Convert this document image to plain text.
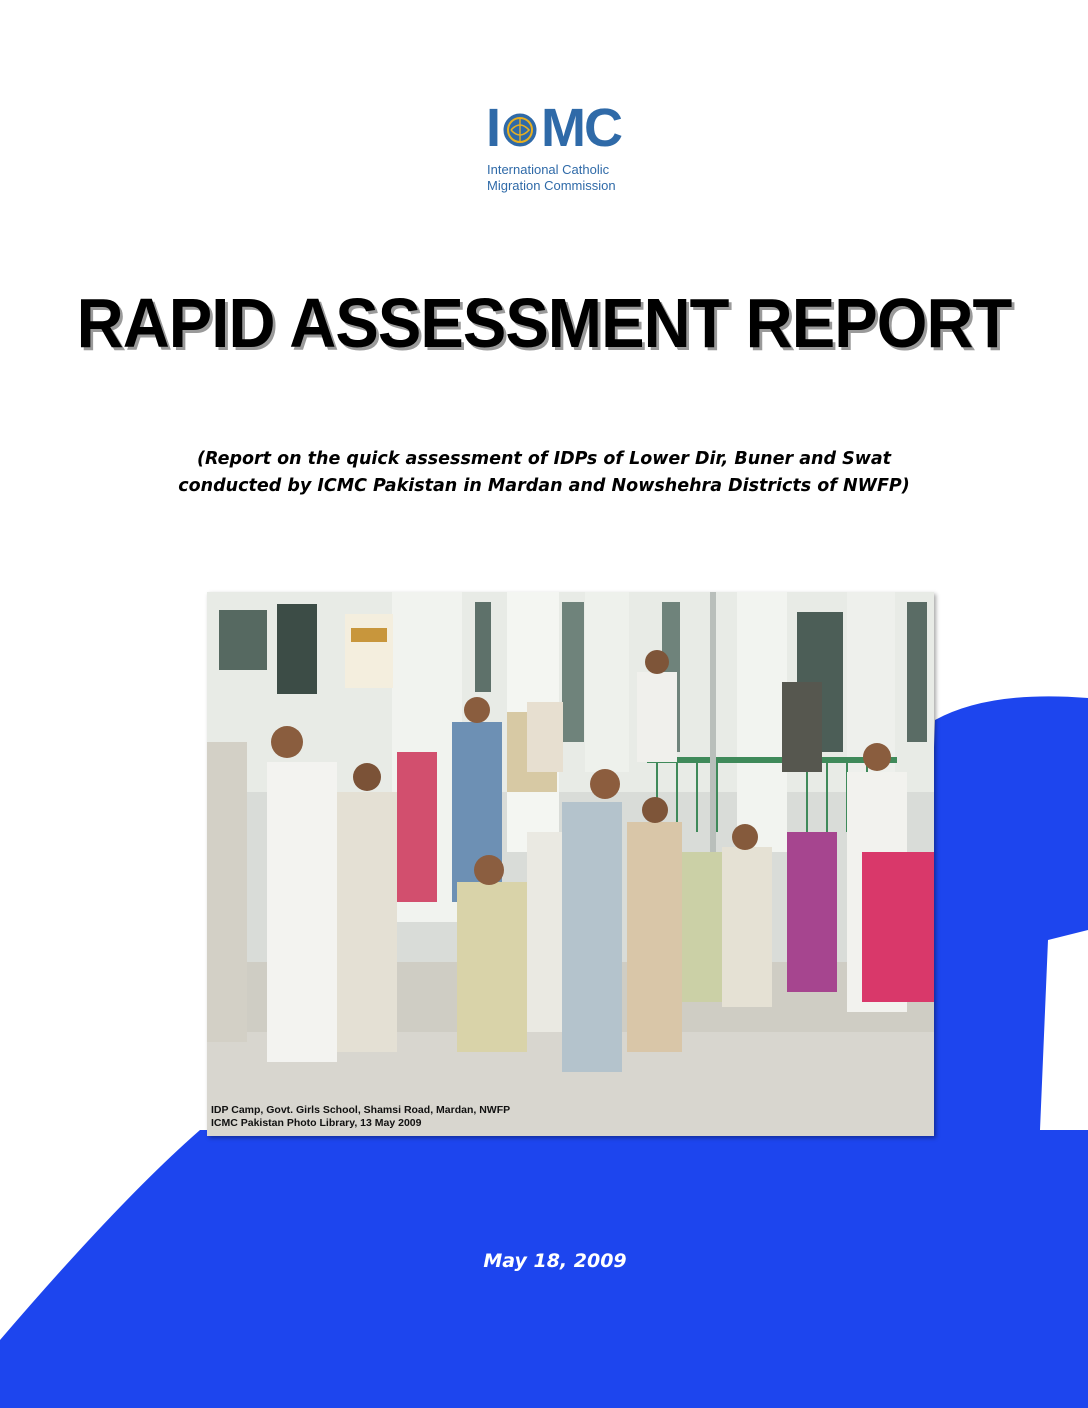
I M C
International Catholic
Migration Commission
RAPID ASSESSMENT REPORT
(Report on the quick assessment of IDPs of Lower Dir, Buner and Swat
conducted by ICMC Pakistan in Mardan and Nowshehra Districts of NWFP)
IDP Camp, Govt. Girls School, Shamsi Road, Mardan, NWFP
ICMC Pakistan Photo Library, 13 May 2009
May 18, 2009
